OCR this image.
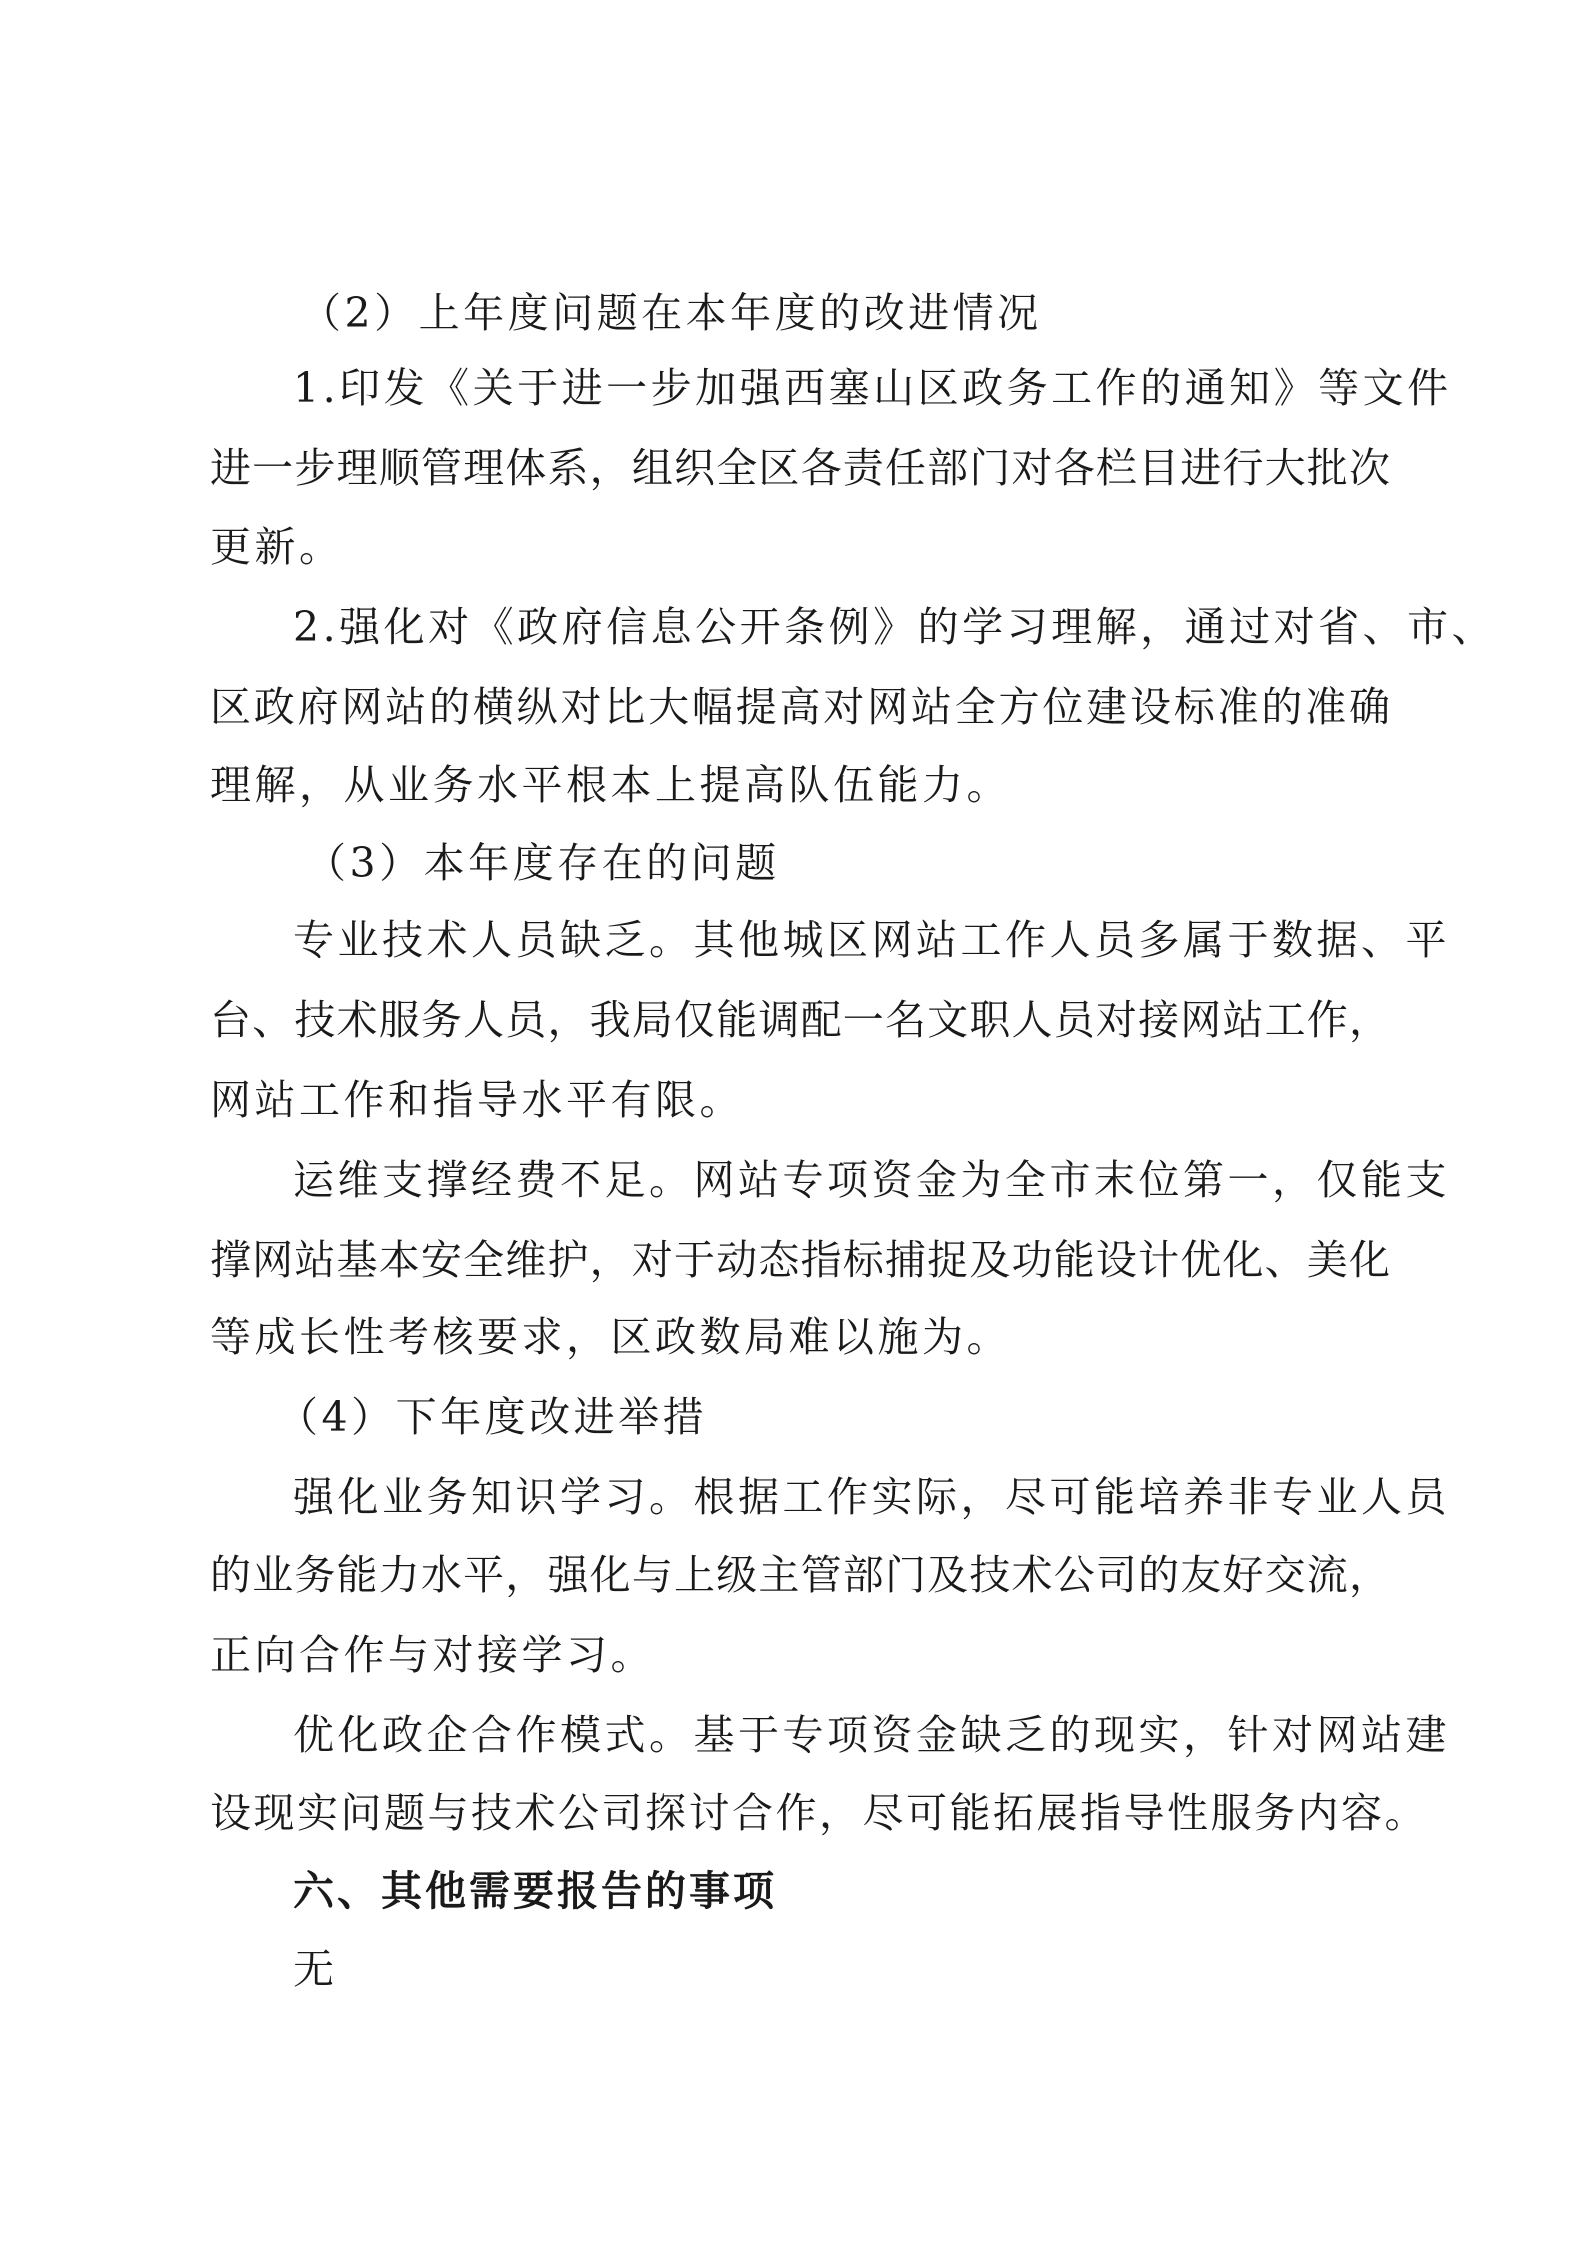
（2）上年度问题在本年度的改进情况
1.印发《关于进一步加强西塞山区政务工作的通知》等文件
进一步理顺管理体系，组织全区各责任部门对各栏目进行大批次
更新。
2.强化对《政府信息公开条例》的学习理解，通过对省、市、
区政府网站的横纵对比大幅提高对网站全方位建设标准的准确
理解，从业务水平根本上提高队伍能力。
（3）本年度存在的问题
专业技术人员缺乏。其他城区网站工作人员多属于数据、平
台、技术服务人员，我局仅能调配一名文职人员对接网站工作，
网站工作和指导水平有限。
运维支撑经费不足。网站专项资金为全市末位第一，仅能支
撑网站基本安全维护，对于动态指标捕捉及功能设计优化、美化
等成长性考核要求，区政数局难以施为。
（4）下年度改进举措
强化业务知识学习。根据工作实际，尽可能培养非专业人员
的业务能力水平，强化与上级主管部门及技术公司的友好交流，
正向合作与对接学习。
优化政企合作模式。基于专项资金缺乏的现实，针对网站建
设现实问题与技术公司探讨合作，尽可能拓展指导性服务内容。
六、其他需要报告的事项
无
